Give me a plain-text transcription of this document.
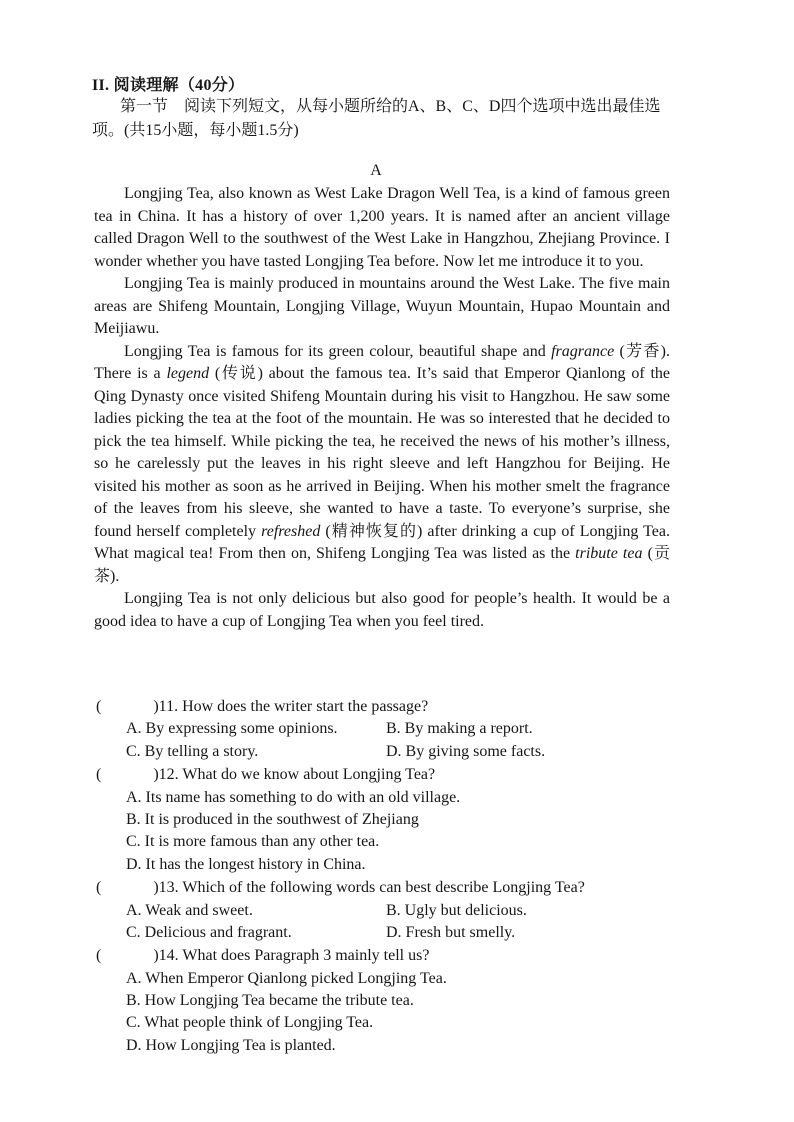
II. 阅读理解（40分）
第一节　阅读下列短文，从每小题所给的A、B、C、D四个选项中选出最佳选项。(共15小题，每小题1.5分)
A

Longjing Tea, also known as West Lake Dragon Well Tea, is a kind of famous green tea in China. It has a history of over 1,200 years. It is named after an ancient village called Dragon Well to the southwest of the West Lake in Hangzhou, Zhejiang Province. I wonder whether you have tasted Longjing Tea before. Now let me introduce it to you.

Longjing Tea is mainly produced in mountains around the West Lake. The five main areas are Shifeng Mountain, Longjing Village, Wuyun Mountain, Hupao Mountain and Meijiawu.

Longjing Tea is famous for its green colour, beautiful shape and fragrance (芳香). There is a legend (传说) about the famous tea. It’s said that Emperor Qianlong of the Qing Dynasty once visited Shifeng Mountain during his visit to Hangzhou. He saw some ladies picking the tea at the foot of the mountain. He was so interested that he decided to pick the tea himself. While picking the tea, he received the news of his mother’s illness, so he carelessly put the leaves in his right sleeve and left Hangzhou for Beijing. He visited his mother as soon as he arrived in Beijing. When his mother smelt the fragrance of the leaves from his sleeve, she wanted to have a taste. To everyone’s surprise, she found herself completely refreshed (精神恢复的) after drinking a cup of Longjing Tea. What magical tea! From then on, Shifeng Longjing Tea was listed as the tribute tea (贡茶).

Longjing Tea is not only delicious but also good for people’s health. It would be a good idea to have a cup of Longjing Tea when you feel tired.

(	)11. How does the writer start the passage?
A. By expressing some opinions.	B. By making a report.
C. By telling a story.	D. By giving some facts.
(	)12. What do we know about Longjing Tea?
A. Its name has something to do with an old village.
B. It is produced in the southwest of Zhejiang
C. It is more famous than any other tea.
D. It has the longest history in China.
(	)13. Which of the following words can best describe Longjing Tea?
A. Weak and sweet.	B. Ugly but delicious.
C. Delicious and fragrant.	D. Fresh but smelly.
(	)14. What does Paragraph 3 mainly tell us?
A. When Emperor Qianlong picked Longjing Tea.
B. How Longjing Tea became the tribute tea.
C. What people think of Longjing Tea.
D. How Longjing Tea is planted.
